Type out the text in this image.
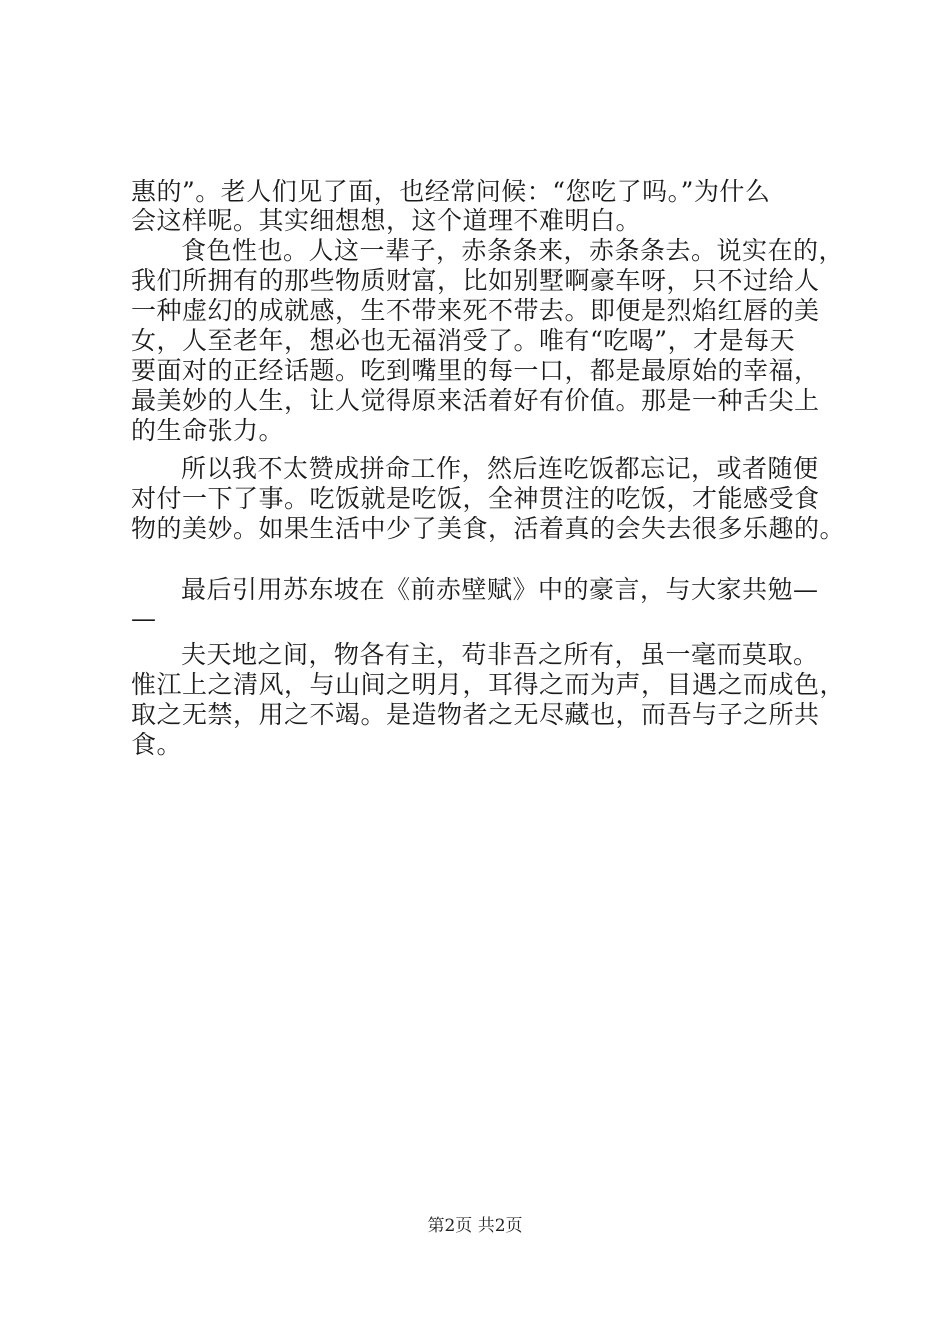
惠的”。老人们见了面，也经常问候：“您吃了吗。”为什么
会这样呢。其实细想想，这个道理不难明白。
食色性也。人这一辈子，赤条条来，赤条条去。说实在的，
我们所拥有的那些物质财富，比如别墅啊豪车呀，只不过给人
一种虚幻的成就感，生不带来死不带去。即便是烈焰红唇的美
女，人至老年，想必也无福消受了。唯有“吃喝”，才是每天
要面对的正经话题。吃到嘴里的每一口，都是最原始的幸福，
最美妙的人生，让人觉得原来活着好有价值。那是一种舌尖上
的生命张力。
所以我不太赞成拼命工作，然后连吃饭都忘记，或者随便
对付一下了事。吃饭就是吃饭，全神贯注的吃饭，才能感受食
物的美妙。如果生活中少了美食，活着真的会失去很多乐趣的。
最后引用苏东坡在《前赤壁赋》中的豪言，与大家共勉—
—
夫天地之间，物各有主，苟非吾之所有，虽一毫而莫取。
惟江上之清风，与山间之明月，耳得之而为声，目遇之而成色，
取之无禁，用之不竭。是造物者之无尽藏也，而吾与子之所共
食。
第2页 共2页
